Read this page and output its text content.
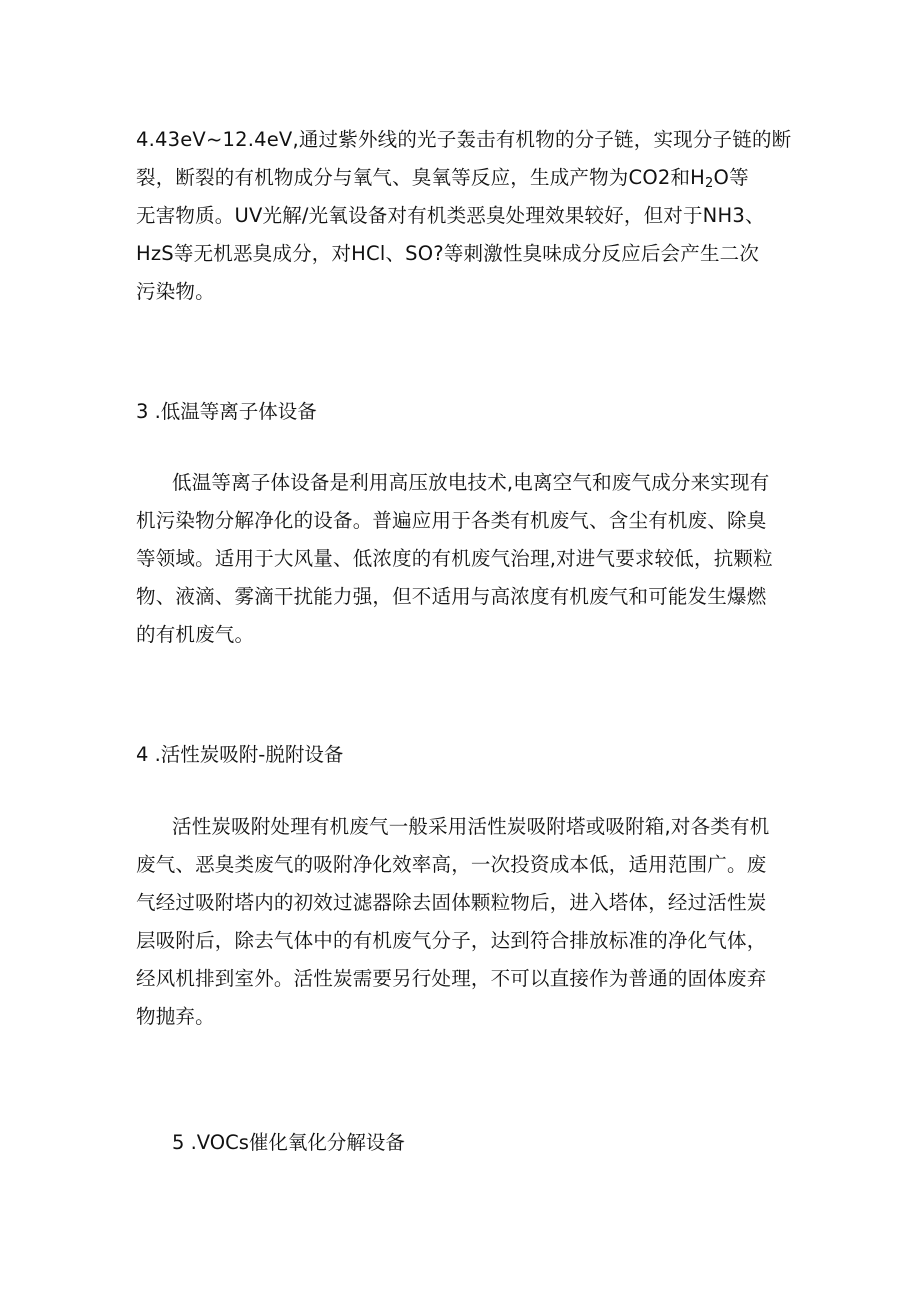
4.43eV~12.4eV,通过紫外线的光子轰击有机物的分子链，实现分子链的断
裂，断裂的有机物成分与氧气、臭氧等反应，生成产物为CO2和$H_2O$等
无害物质。UV光解/光氧设备对有机类恶臭处理效果较好，但对于NH3、
HzS等无机恶臭成分，对HCl、SO?等刺激性臭味成分反应后会产生二次
污染物。

3 .低温等离子体设备

低温等离子体设备是利用高压放电技术,电离空气和废气成分来实现有
机污染物分解净化的设备。普遍应用于各类有机废气、含尘有机废、除臭
等领域。适用于大风量、低浓度的有机废气治理,对进气要求较低，抗颗粒
物、液滴、雾滴干扰能力强，但不适用与高浓度有机废气和可能发生爆燃
的有机废气。

4 .活性炭吸附-脱附设备

活性炭吸附处理有机废气一般采用活性炭吸附塔或吸附箱,对各类有机
废气、恶臭类废气的吸附净化效率高，一次投资成本低，适用范围广。废
气经过吸附塔内的初效过滤器除去固体颗粒物后，进入塔体，经过活性炭
层吸附后，除去气体中的有机废气分子，达到符合排放标准的净化气体，
经风机排到室外。活性炭需要另行处理，不可以直接作为普通的固体废弃
物抛弃。

5 .VOCs催化氧化分解设备
